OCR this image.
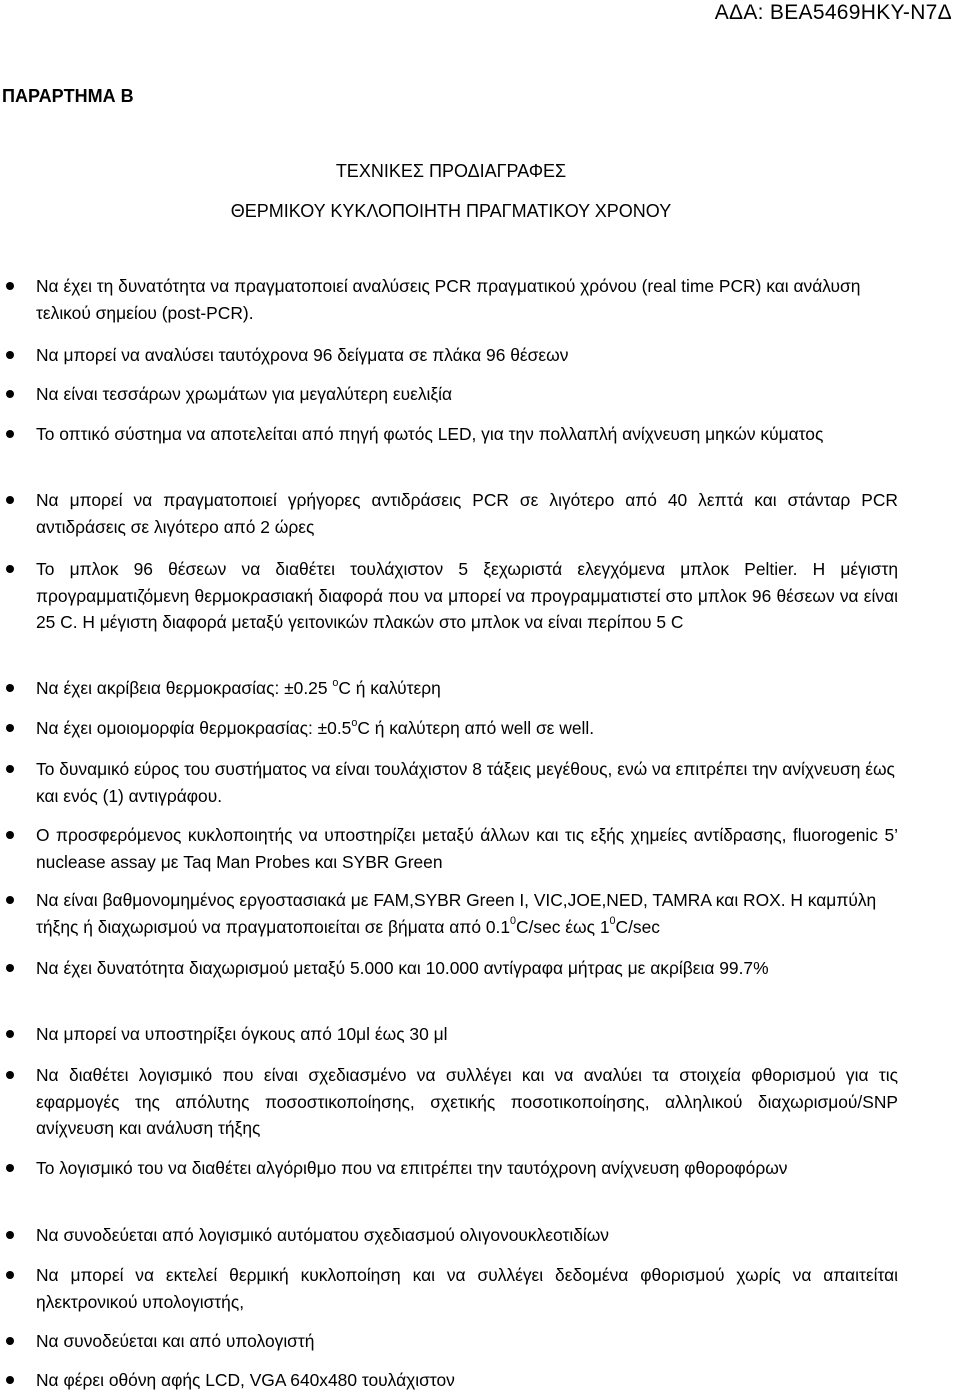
ΑΔΑ: ΒΕΑ5469ΗΚΥ-Ν7Δ
ΠΑΡΑΡΤΗΜΑ Β
ΤΕΧΝΙΚΕΣ ΠΡΟΔΙΑΓΡΑΦΕΣ
ΘΕΡΜΙΚΟΥ ΚΥΚΛΟΠΟΙΗΤΗ ΠΡΑΓΜΑΤΙΚΟΥ ΧΡΟΝΟΥ
Να έχει τη δυνατότητα να πραγματοποιεί αναλύσεις PCR πραγματικού χρόνου (real time PCR) και ανάλυση τελικού σημείου (post-PCR).
Να μπορεί να αναλύσει ταυτόχρονα 96 δείγματα σε πλάκα 96 θέσεων
Να είναι τεσσάρων χρωμάτων για μεγαλύτερη ευελιξία
Το οπτικό σύστημα να αποτελείται από πηγή φωτός LED, για την πολλαπλή ανίχνευση μηκών κύματος
Να μπορεί να πραγματοποιεί γρήγορες αντιδράσεις PCR σε λιγότερο από 40 λεπτά και στάνταρ PCR αντιδράσεις σε λιγότερο από 2 ώρες
Το μπλοκ 96 θέσεων να διαθέτει τουλάχιστον 5 ξεχωριστά ελεγχόμενα μπλοκ Peltier. Η μέγιστη προγραμματιζόμενη θερμοκρασιακή διαφορά που να μπορεί να προγραμματιστεί στο μπλοκ 96 θέσεων να είναι 25 C. Η μέγιστη διαφορά μεταξύ γειτονικών πλακών στο μπλοκ να είναι περίπου 5 C
Να έχει ακρίβεια θερμοκρασίας: ±0.25 $^o$C ή καλύτερη
Να έχει ομοιομορφία θερμοκρασίας: $\pm 0.5^oC$ ή καλύτερη από well σε well.
Το δυναμικό εύρος του συστήματος να είναι τουλάχιστον 8 τάξεις μεγέθους, ενώ να επιτρέπει την ανίχνευση έως και ενός (1) αντιγράφου.
Ο προσφερόμενος κυκλοποιητής να υποστηρίζει μεταξύ άλλων και τις εξής χημείες αντίδρασης, fluorogenic 5’ nuclease assay με Taq Man Probes και SYBR Green
Να είναι βαθμονομημένος εργοστασιακά με FAM,SYBR Green I, VIC,JOE,NED, TAMRA και ROX. Η καμπύλη τήξης ή διαχωρισμού να πραγματοποιείται σε βήματα από $0.1^0C/\sec$ έως $1^0C/\sec$
Να έχει δυνατότητα διαχωρισμού μεταξύ 5.000 και 10.000 αντίγραφα μήτρας με ακρίβεια 99.7%
Να μπορεί να υποστηρίξει όγκους από 10μl έως 30 μl
Να διαθέτει λογισμικό που είναι σχεδιασμένο να συλλέγει και να αναλύει τα στοιχεία φθορισμού για τις εφαρμογές της απόλυτης ποσοστικοποίησης, σχετικής ποσοτικοποίησης, αλληλικού διαχωρισμού/SNP ανίχνευση και ανάλυση τήξης
Το λογισμικό του να διαθέτει αλγόριθμο που να επιτρέπει την ταυτόχρονη ανίχνευση φθοροφόρων
Να συνοδεύεται από λογισμικό αυτόματου σχεδιασμού ολιγονουκλεοτιδίων
Να μπορεί να εκτελεί θερμική κυκλοποίηση και να συλλέγει δεδομένα φθορισμού χωρίς να απαιτείται ηλεκτρονικού υπολογιστής,
Να συνοδεύεται και από υπολογιστή
Να φέρει οθόνη αφής LCD, VGA 640x480 τουλάχιστον
